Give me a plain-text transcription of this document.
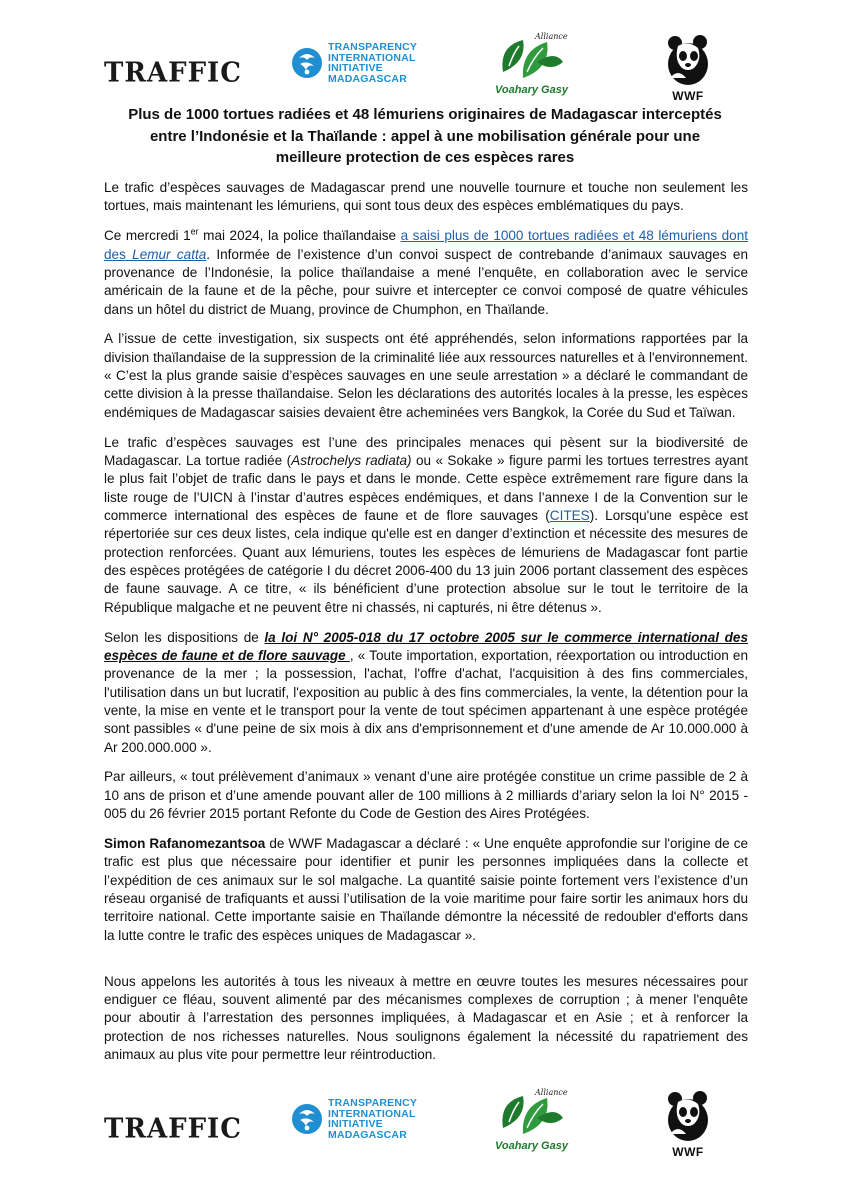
TRAFFIC
TRANSPARENCY
INTERNATIONAL
INITIATIVE
MADAGASCAR
Alliance
Voahary Gasy	WWF
Plus de 1000 tortues radiées et 48 lémuriens originaires de Madagascar interceptés entre l’Indonésie et la Thaïlande : appel à une mobilisation générale pour une meilleure protection de ces espèces rares

Le trafic d’espèces sauvages de Madagascar prend une nouvelle tournure et touche non seulement les tortues, mais maintenant les lémuriens, qui sont tous deux des espèces emblématiques du pays.

Ce mercredi 1er mai 2024, la police thaïlandaise a saisi plus de 1000 tortues radiées et 48 lémuriens dont des Lemur catta. Informée de l’existence d’un convoi suspect de contrebande d’animaux sauvages en provenance de l’Indonésie, la police thaïlandaise a mené l’enquête, en collaboration avec le service américain de la faune et de la pêche, pour suivre et intercepter ce convoi composé de quatre véhicules dans un hôtel du district de Muang, province de Chumphon, en Thaïlande.

A l’issue de cette investigation, six suspects ont été appréhendés, selon informations rapportées par la division thaïlandaise de la suppression de la criminalité liée aux ressources naturelles et à l'environnement. « C’est la plus grande saisie d’espèces sauvages en une seule arrestation » a déclaré le commandant de cette division à la presse thaïlandaise. Selon les déclarations des autorités locales à la presse, les espèces endémiques de Madagascar saisies devaient être acheminées vers Bangkok, la Corée du Sud et Taïwan.

Le trafic d’espèces sauvages est l’une des principales menaces qui pèsent sur la biodiversité de Madagascar. La tortue radiée (Astrochelys radiata) ou « Sokake » figure parmi les tortues terrestres ayant le plus fait l’objet de trafic dans le pays et dans le monde. Cette espèce extrêmement rare figure dans la liste rouge de l’UICN à l’instar d’autres espèces endémiques, et dans l’annexe I de la Convention sur le commerce international des espèces de faune et de flore sauvages (CITES). Lorsqu'une espèce est répertoriée sur ces deux listes, cela indique qu'elle est en danger d’extinction et nécessite des mesures de protection renforcées. Quant aux lémuriens, toutes les espèces de lémuriens de Madagascar font partie des espèces protégées de catégorie I du décret 2006-400 du 13 juin 2006 portant classement des espèces de faune sauvage. A ce titre, « ils bénéficient d’une protection absolue sur le tout le territoire de la République malgache et ne peuvent être ni chassés, ni capturés, ni être détenus ».

Selon les dispositions de la loi N° 2005-018 du 17 octobre 2005 sur le commerce international des espèces de faune et de flore sauvage , « Toute importation, exportation, réexportation ou introduction en provenance de la mer ; la possession, l'achat, l'offre d'achat, l'acquisition à des fins commerciales, l'utilisation dans un but lucratif, l'exposition au public à des fins commerciales, la vente, la détention pour la vente, la mise en vente et le transport pour la vente de tout spécimen appartenant à une espèce protégée sont passibles « d'une peine de six mois à dix ans d'emprisonnement et d'une amende de Ar 10.000.000 à Ar 200.000.000 ».

Par ailleurs, « tout prélèvement d’animaux » venant d’une aire protégée constitue un crime passible de 2 à 10 ans de prison et d’une amende pouvant aller de 100 millions à 2 milliards d’ariary selon la loi N° 2015 - 005 du 26 février 2015 portant Refonte du Code de Gestion des Aires Protégées.

Simon Rafanomezantsoa de WWF Madagascar a déclaré : « Une enquête approfondie sur l'origine de ce trafic est plus que nécessaire pour identifier et punir les personnes impliquées dans la collecte et l’expédition de ces animaux sur le sol malgache. La quantité saisie pointe fortement vers l’existence d’un réseau organisé de trafiquants et aussi l’utilisation de la voie maritime pour faire sortir les animaux hors du territoire national. Cette importante saisie en Thaïlande démontre la nécessité de redoubler d'efforts dans la lutte contre le trafic des espèces uniques de Madagascar ».

Nous appelons les autorités à tous les niveaux à mettre en œuvre toutes les mesures nécessaires pour endiguer ce fléau, souvent alimenté par des mécanismes complexes de corruption ; à mener l'enquête pour aboutir à l’arrestation des personnes impliquées, à Madagascar et en Asie ; et à renforcer la protection de nos richesses naturelles. Nous soulignons également la nécessité du rapatriement des animaux au plus vite pour permettre leur réintroduction.

TRAFFIC
TRANSPARENCY
INTERNATIONAL
INITIATIVE
MADAGASCAR
Alliance
Voahary Gasy	WWF
